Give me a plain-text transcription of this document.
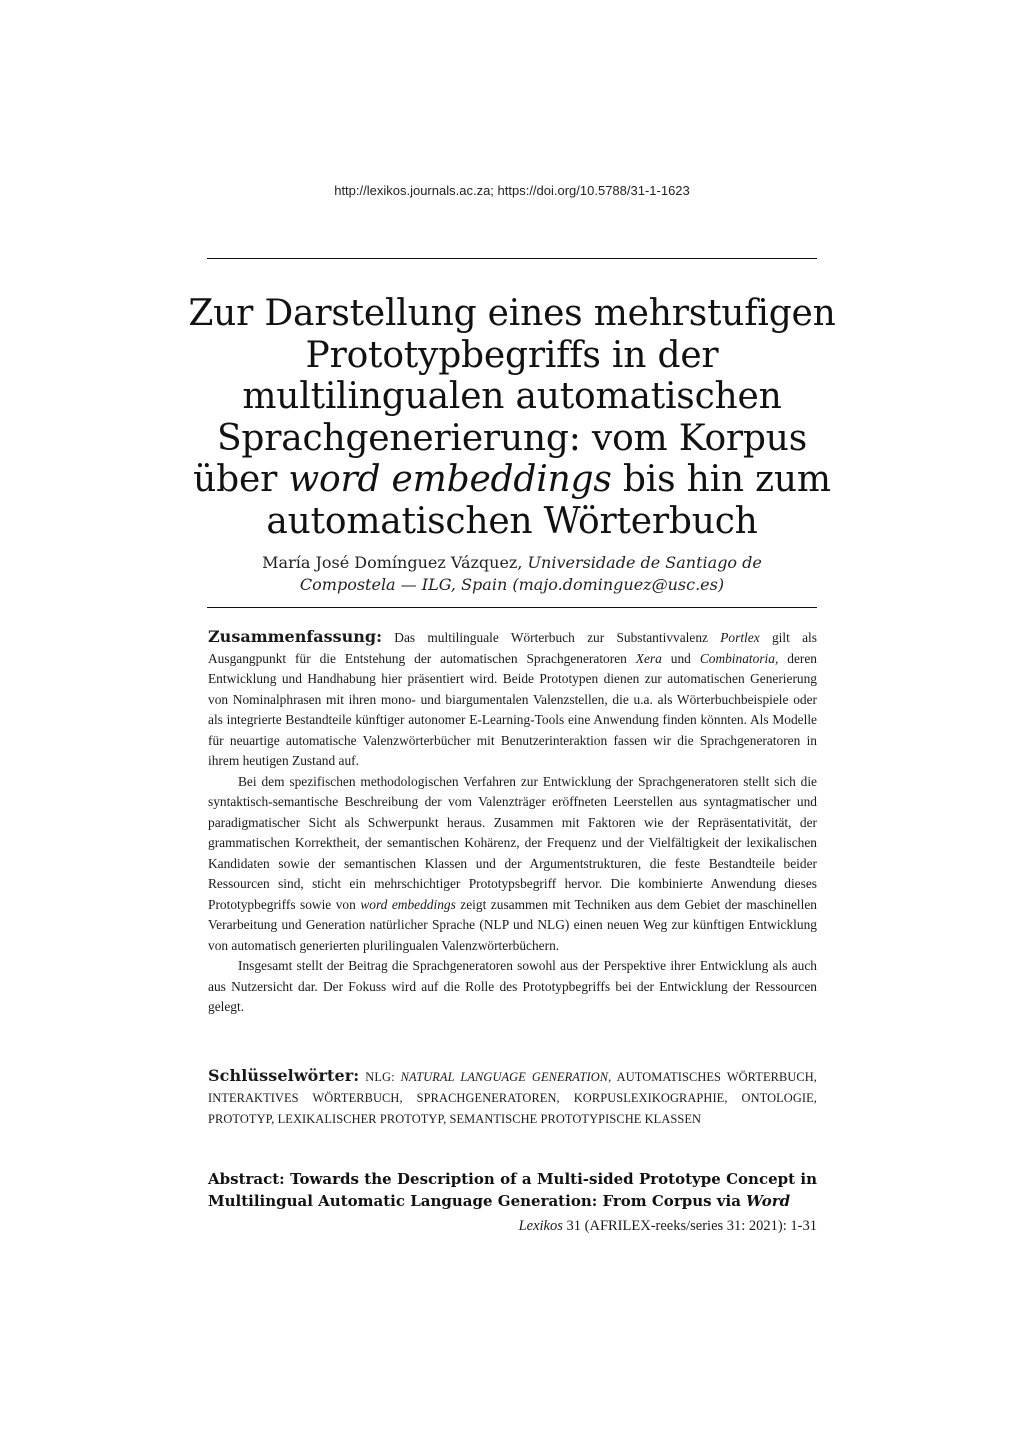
http://lexikos.journals.ac.za; https://doi.org/10.5788/31-1-1623
Zur Darstellung eines mehrstufigen
Prototypbegriffs in der
multilingualen automatischen
Sprachgenerierung: vom Korpus
über word embeddings bis hin zum
automatischen Wörterbuch
María José Domínguez Vázquez, Universidade de Santiago de
Compostela — ILG, Spain (majo.dominguez@usc.es)

Zusammenfassung: Das multilinguale Wörterbuch zur Substantivvalenz Portlex gilt als Ausgangpunkt für die Entstehung der automatischen Sprachgeneratoren Xera und Combinatoria, deren Entwicklung und Handhabung hier präsentiert wird. Beide Prototypen dienen zur automatischen Generierung von Nominalphrasen mit ihren mono- und biargumentalen Valenzstellen, die u.a. als Wörterbuchbeispiele oder als integrierte Bestandteile künftiger autonomer E-Learning-Tools eine Anwendung finden könnten. Als Modelle für neuartige automatische Valenzwörterbücher mit Benutzerinteraktion fassen wir die Sprachgeneratoren in ihrem heutigen Zustand auf.

Bei dem spezifischen methodologischen Verfahren zur Entwicklung der Sprachgeneratoren stellt sich die syntaktisch-semantische Beschreibung der vom Valenzträger eröffneten Leerstellen aus syntagmatischer und paradigmatischer Sicht als Schwerpunkt heraus. Zusammen mit Faktoren wie der Repräsentativität, der grammatischen Korrektheit, der semantischen Kohärenz, der Frequenz und der Vielfältigkeit der lexikalischen Kandidaten sowie der semantischen Klassen und der Argumentstrukturen, die feste Bestandteile beider Ressourcen sind, sticht ein mehrschichtiger Prototypsbegriff hervor. Die kombinierte Anwendung dieses Prototypbegriffs sowie von word embeddings zeigt zusammen mit Techniken aus dem Gebiet der maschinellen Verarbeitung und Generation natürlicher Sprache (NLP und NLG) einen neuen Weg zur künftigen Entwicklung von automatisch generierten plurilingualen Valenzwörterbüchern.

Insgesamt stellt der Beitrag die Sprachgeneratoren sowohl aus der Perspektive ihrer Entwicklung als auch aus Nutzersicht dar. Der Fokuss wird auf die Rolle des Prototypbegriffs bei der Entwicklung der Ressourcen gelegt.

Schlüsselwörter: NLG: NATURAL LANGUAGE GENERATION, AUTOMATISCHES WÖRTERBUCH, INTERAKTIVES WÖRTERBUCH, SPRACHGENERATOREN, KORPUSLEXIKOGRAPHIE, ONTOLOGIE, PROTOTYP, LEXIKALISCHER PROTOTYP, SEMANTISCHE PROTOTYPISCHE KLASSEN
Abstract: Towards the Description of a Multi-sided Prototype Concept in Multilingual Automatic Language Generation: From Corpus via Word
Lexikos 31 (AFRILEX-reeks/series 31: 2021): 1-31
